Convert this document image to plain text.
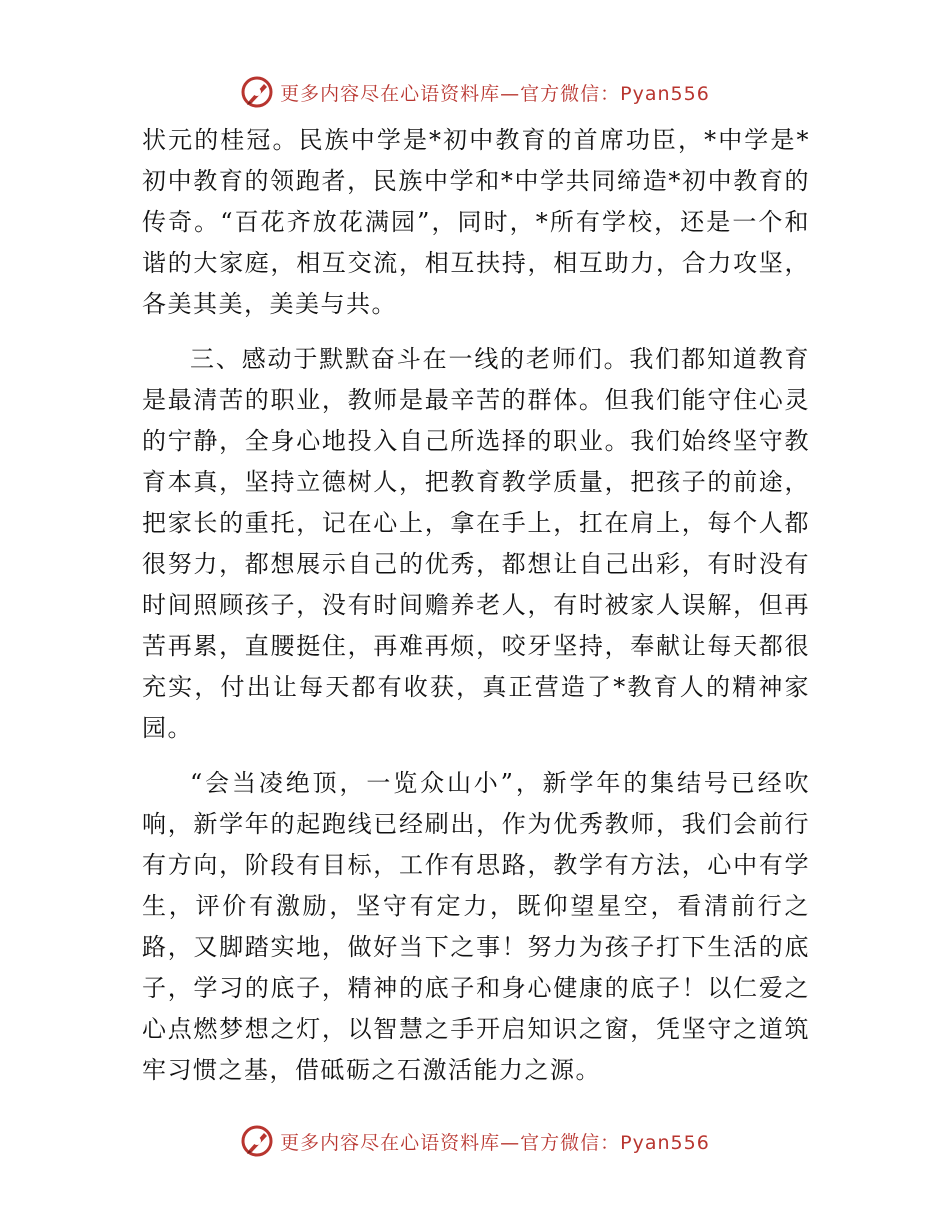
更多内容尽在心语资料库—官方微信：Pyan556

状元的桂冠。民族中学是*初中教育的首席功臣，*中学是*初中教育的领跑者，民族中学和*中学共同缔造*初中教育的传奇。“百花齐放花满园”，同时，*所有学校，还是一个和谐的大家庭，相互交流，相互扶持，相互助力，合力攻坚，各美其美，美美与共。

三、感动于默默奋斗在一线的老师们。我们都知道教育是最清苦的职业，教师是最辛苦的群体。但我们能守住心灵的宁静，全身心地投入自己所选择的职业。我们始终坚守教育本真，坚持立德树人，把教育教学质量，把孩子的前途，把家长的重托，记在心上，拿在手上，扛在肩上，每个人都很努力，都想展示自己的优秀，都想让自己出彩，有时没有时间照顾孩子，没有时间赡养老人，有时被家人误解，但再苦再累，直腰挺住，再难再烦，咬牙坚持，奉献让每天都很充实，付出让每天都有收获，真正营造了*教育人的精神家园。

“会当凌绝顶，一览众山小”，新学年的集结号已经吹响，新学年的起跑线已经刷出，作为优秀教师，我们会前行有方向，阶段有目标，工作有思路，教学有方法，心中有学生，评价有激励，坚守有定力，既仰望星空，看清前行之路，又脚踏实地，做好当下之事！努力为孩子打下生活的底子，学习的底子，精神的底子和身心健康的底子！以仁爱之心点燃梦想之灯，以智慧之手开启知识之窗，凭坚守之道筑牢习惯之基，借砥砺之石激活能力之源。

更多内容尽在心语资料库—官方微信：Pyan556
